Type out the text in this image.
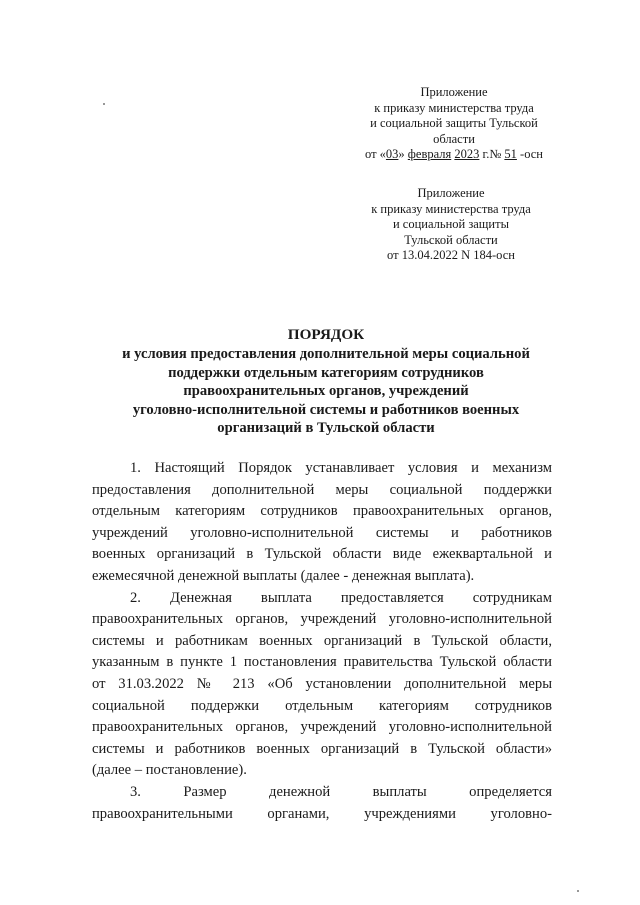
Приложение
к приказу министерства труда
и социальной защиты Тульской
области
от «03» февраля 2023 г.№ 51 -осн
Приложение
к приказу министерства труда
и социальной защиты
Тульской области
от 13.04.2022 N 184-осн
ПОРЯДОК
и условия предоставления дополнительной меры социальной
поддержки отдельным категориям сотрудников
правоохранительных органов, учреждений
уголовно-исполнительной системы и работников военных
организаций в Тульской области
1. Настоящий Порядок устанавливает условия и механизм
предоставления дополнительной меры социальной поддержки
отдельным категориям сотрудников правоохранительных органов,
учреждений уголовно-исполнительной системы и работников
военных организаций в Тульской области виде ежеквартальной и
ежемесячной денежной выплаты (далее - денежная выплата).
2. Денежная выплата предоставляется сотрудникам
правоохранительных органов, учреждений уголовно-исполнительной
системы и работникам военных организаций в Тульской области,
указанным в пункте 1 постановления правительства Тульской области
от 31.03.2022 № 213 «Об установлении дополнительной меры
социальной поддержки отдельным категориям сотрудников
правоохранительных органов, учреждений уголовно-исполнительной
системы и работников военных организаций в Тульской области»
(далее – постановление).
3. Размер денежной выплаты определяется
правоохранительными органами, учреждениями уголовно-
